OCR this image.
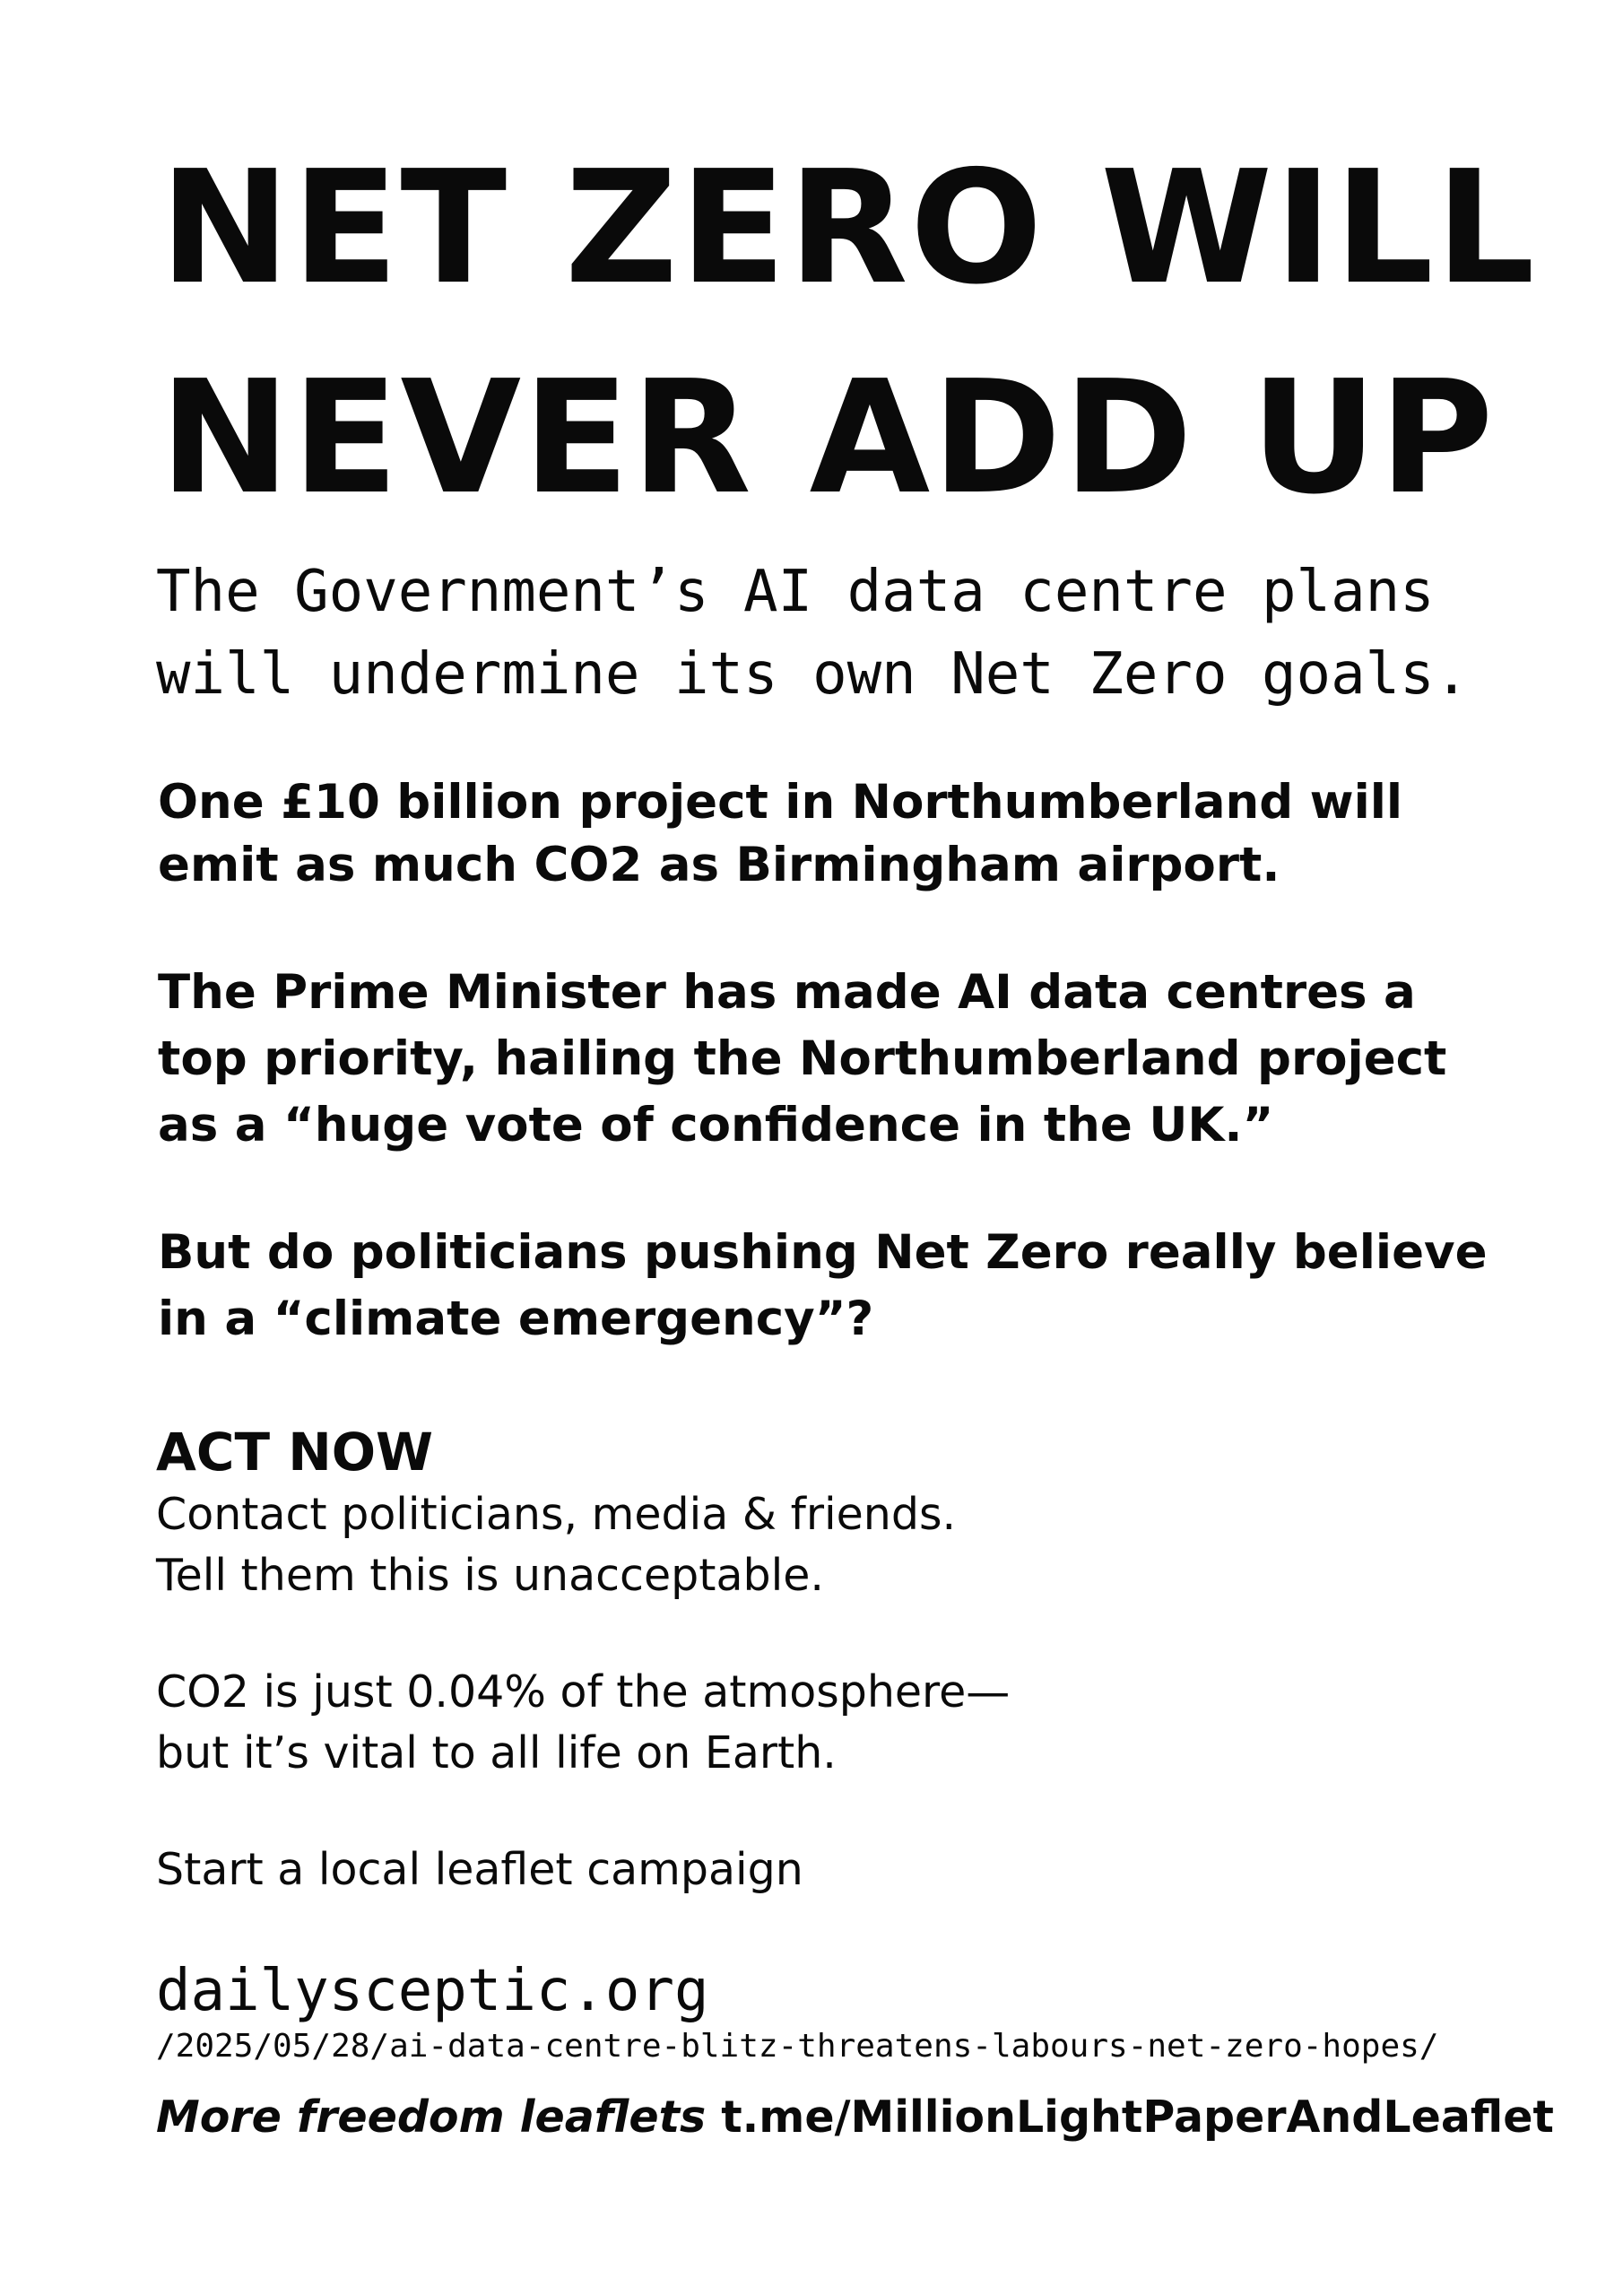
NET ZERO WILL
NEVER ADD UP

The Government’s AI data centre plans

will undermine its own Net Zero goals.

One £10 billion project in Northumberland will

emit as much CO2 as Birmingham airport.

The Prime Minister has made AI data centres a

top priority, hailing the Northumberland project

as a “huge vote of confidence in the UK.”

But do politicians pushing Net Zero really believe

in a “climate emergency”?

ACT NOW

Contact politicians, media & friends.

Tell them this is unacceptable.

CO2 is just 0.04% of the atmosphere—

but it’s vital to all life on Earth.

Start a local leaflet campaign

dailysceptic.org

/2025/05/28/ai-data-centre-blitz-threatens-labours-net-zero-hopes/

More freedom leaflets t.me/MillionLightPaperAndLeaflet
